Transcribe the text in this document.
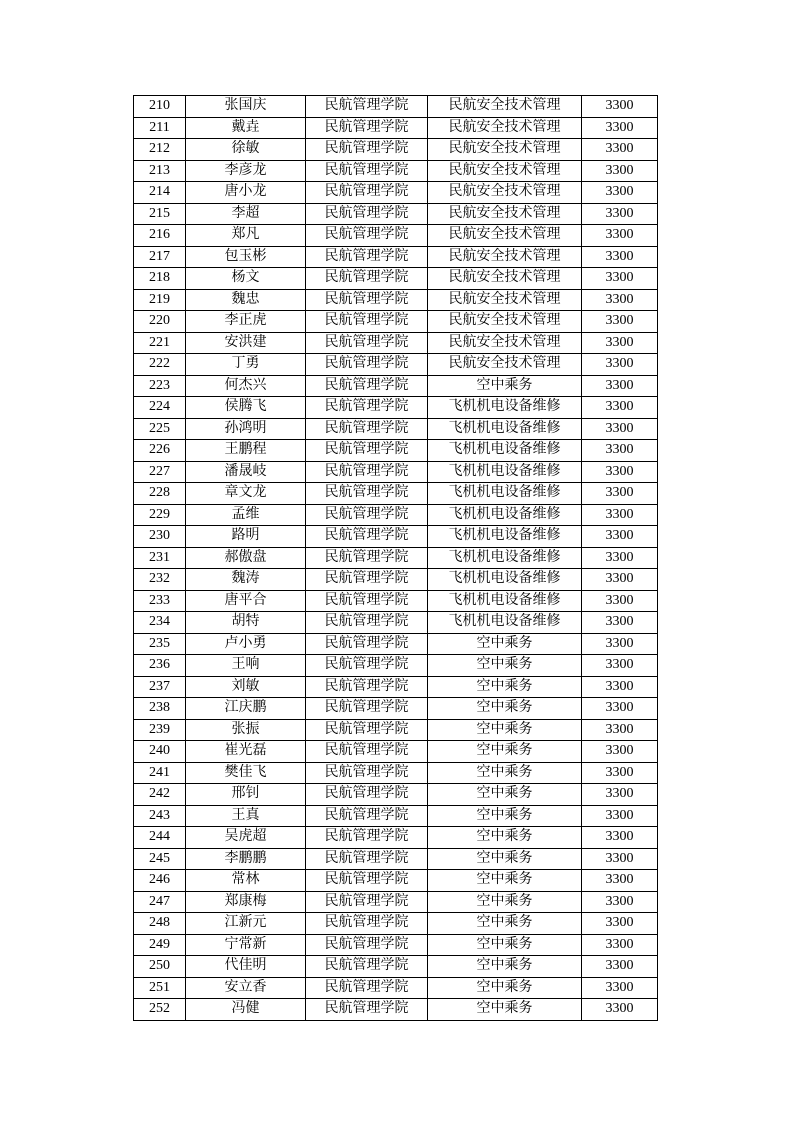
210	张国庆	民航管理学院	民航安全技术管理	3300
211	戴垚	民航管理学院	民航安全技术管理	3300
212	徐敏	民航管理学院	民航安全技术管理	3300
213	李彦龙	民航管理学院	民航安全技术管理	3300
214	唐小龙	民航管理学院	民航安全技术管理	3300
215	李超	民航管理学院	民航安全技术管理	3300
216	郑凡	民航管理学院	民航安全技术管理	3300
217	包玉彬	民航管理学院	民航安全技术管理	3300
218	杨文	民航管理学院	民航安全技术管理	3300
219	魏忠	民航管理学院	民航安全技术管理	3300
220	李正虎	民航管理学院	民航安全技术管理	3300
221	安洪建	民航管理学院	民航安全技术管理	3300
222	丁勇	民航管理学院	民航安全技术管理	3300
223	何杰兴	民航管理学院	空中乘务	3300
224	侯腾飞	民航管理学院	飞机机电设备维修	3300
225	孙鸿明	民航管理学院	飞机机电设备维修	3300
226	王鹏程	民航管理学院	飞机机电设备维修	3300
227	潘晟岐	民航管理学院	飞机机电设备维修	3300
228	章文龙	民航管理学院	飞机机电设备维修	3300
229	孟维	民航管理学院	飞机机电设备维修	3300
230	路明	民航管理学院	飞机机电设备维修	3300
231	郝傲盘	民航管理学院	飞机机电设备维修	3300
232	魏涛	民航管理学院	飞机机电设备维修	3300
233	唐平合	民航管理学院	飞机机电设备维修	3300
234	胡特	民航管理学院	飞机机电设备维修	3300
235	卢小勇	民航管理学院	空中乘务	3300
236	王响	民航管理学院	空中乘务	3300
237	刘敏	民航管理学院	空中乘务	3300
238	江庆鹏	民航管理学院	空中乘务	3300
239	张振	民航管理学院	空中乘务	3300
240	崔光磊	民航管理学院	空中乘务	3300
241	樊佳飞	民航管理学院	空中乘务	3300
242	邢钊	民航管理学院	空中乘务	3300
243	王真	民航管理学院	空中乘务	3300
244	吴虎超	民航管理学院	空中乘务	3300
245	李鹏鹏	民航管理学院	空中乘务	3300
246	常林	民航管理学院	空中乘务	3300
247	郑康梅	民航管理学院	空中乘务	3300
248	江新元	民航管理学院	空中乘务	3300
249	宁常新	民航管理学院	空中乘务	3300
250	代佳明	民航管理学院	空中乘务	3300
251	安立香	民航管理学院	空中乘务	3300
252	冯健	民航管理学院	空中乘务	3300
